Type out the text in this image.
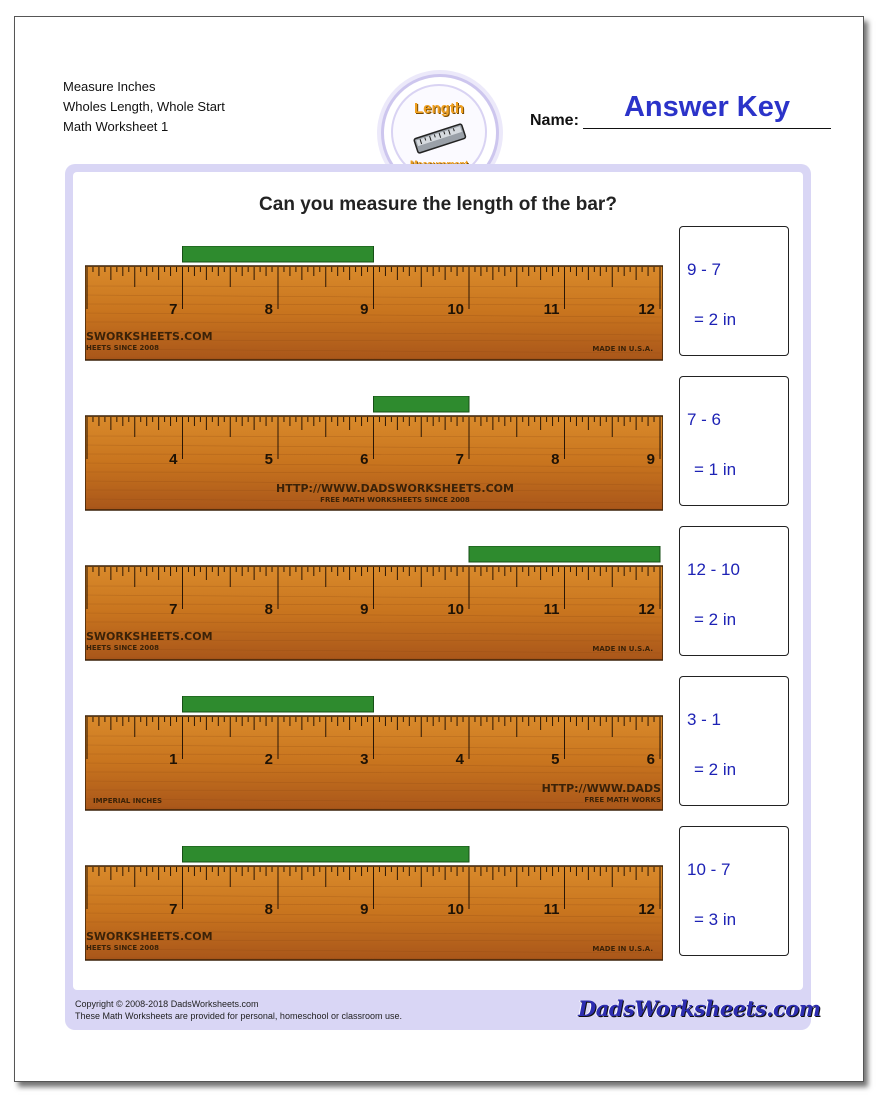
Measure Inches
Wholes Length, Whole Start
Math Worksheet 1
Length
Name:	Answer Key
Can you measure the length of the bar?
7	8	9	10	11	12
SWORKSHEETS.COM
HEETS SINCE 2008	MADE IN U.S.A.
9 - 7
= 2 in
4	5	6	7	8	9
HTTP://WWW.DADSWORKSHEETS.COM
FREE MATH WORKSHEETS SINCE 2008
7 - 6
= 1 in
7	8	9	10	11	12
SWORKSHEETS.COM
HEETS SINCE 2008	MADE IN U.S.A.
12 - 10
= 2 in
1	2	3	4	5	6
HTTP://WWW.DADS
FREE MATH WORKS
IMPERIAL INCHES
3 - 1
= 2 in
7	8	9	10	11	12
SWORKSHEETS.COM
HEETS SINCE 2008	MADE IN U.S.A.
10 - 7
= 3 in
Copyright © 2008-2018 DadsWorksheets.com
These Math Worksheets are provided for personal, homeschool or classroom use.	DadsWorksheets.com
